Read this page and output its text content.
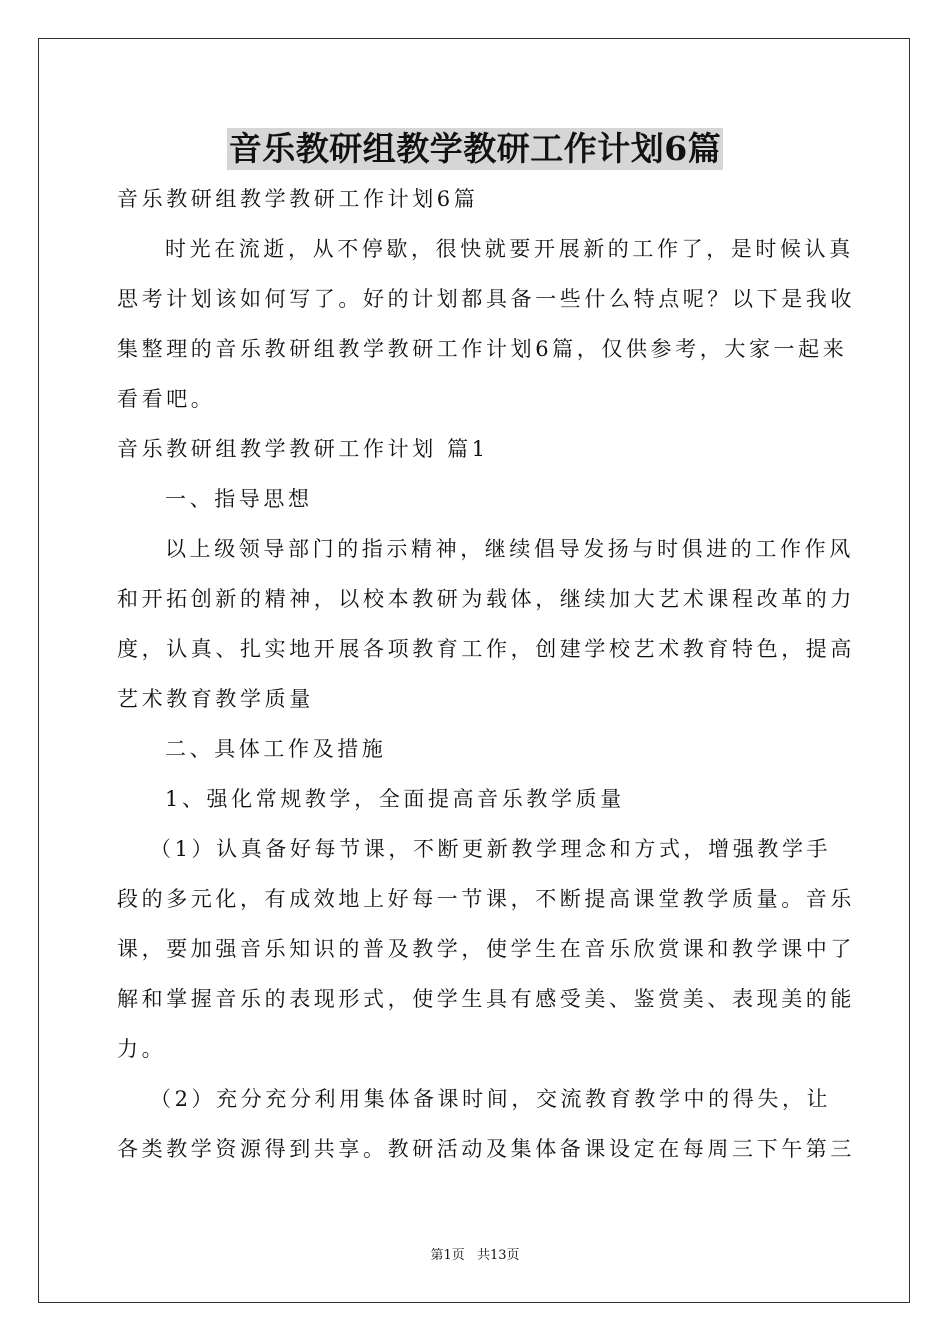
音乐教研组教学教研工作计划6篇
音乐教研组教学教研工作计划6篇
时光在流逝，从不停歇，很快就要开展新的工作了，是时候认真
思考计划该如何写了。好的计划都具备一些什么特点呢？以下是我收
集整理的音乐教研组教学教研工作计划6篇，仅供参考，大家一起来
看看吧。
音乐教研组教学教研工作计划 篇1
一、指导思想
以上级领导部门的指示精神，继续倡导发扬与时俱进的工作作风
和开拓创新的精神，以校本教研为载体，继续加大艺术课程改革的力
度，认真、扎实地开展各项教育工作，创建学校艺术教育特色，提高
艺术教育教学质量
二、具体工作及措施
1、强化常规教学，全面提高音乐教学质量
（1）认真备好每节课，不断更新教学理念和方式，增强教学手
段的多元化，有成效地上好每一节课，不断提高课堂教学质量。音乐
课，要加强音乐知识的普及教学，使学生在音乐欣赏课和教学课中了
解和掌握音乐的表现形式，使学生具有感受美、鉴赏美、表现美的能
力。
（2）充分充分利用集体备课时间，交流教育教学中的得失，让
各类教学资源得到共享。教研活动及集体备课设定在每周三下午第三
第1页 共13页
